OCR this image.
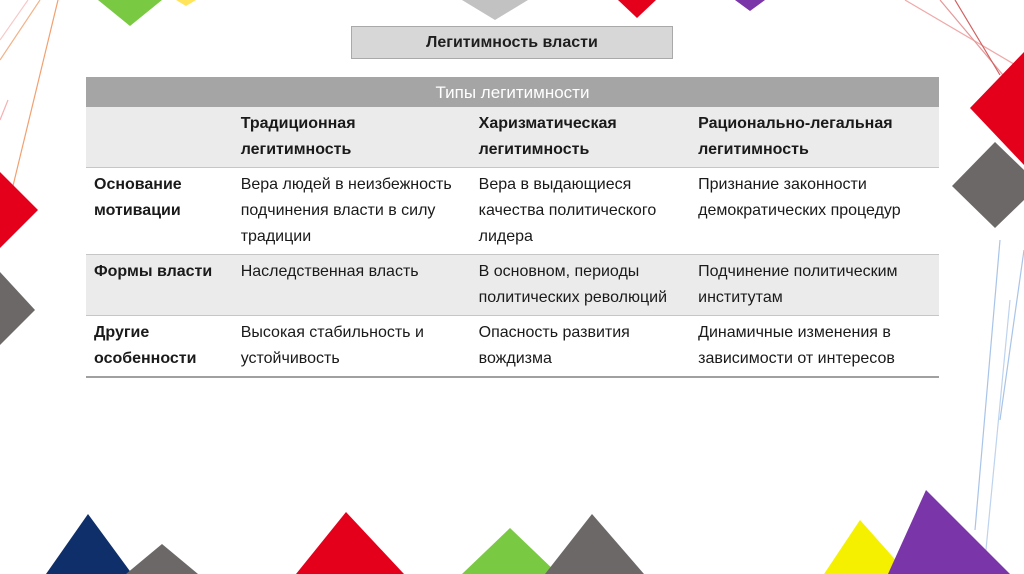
Легитимность власти
Типы легитимности			
	Традиционная легитимность	Харизматическая легитимность	Рационально-легальная легитимность
Основание мотивации	Вера людей в неизбежность подчинения власти в силу традиции	Вера в выдающиеся качества политического лидера	Признание законности демократических процедур
Формы власти	Наследственная власть	В основном, периоды политических революций	Подчинение политическим институтам
Другие особенности	Высокая стабильность и устойчивость	Опасность развития вождизма	Динамичные изменения в зависимости от интересов
